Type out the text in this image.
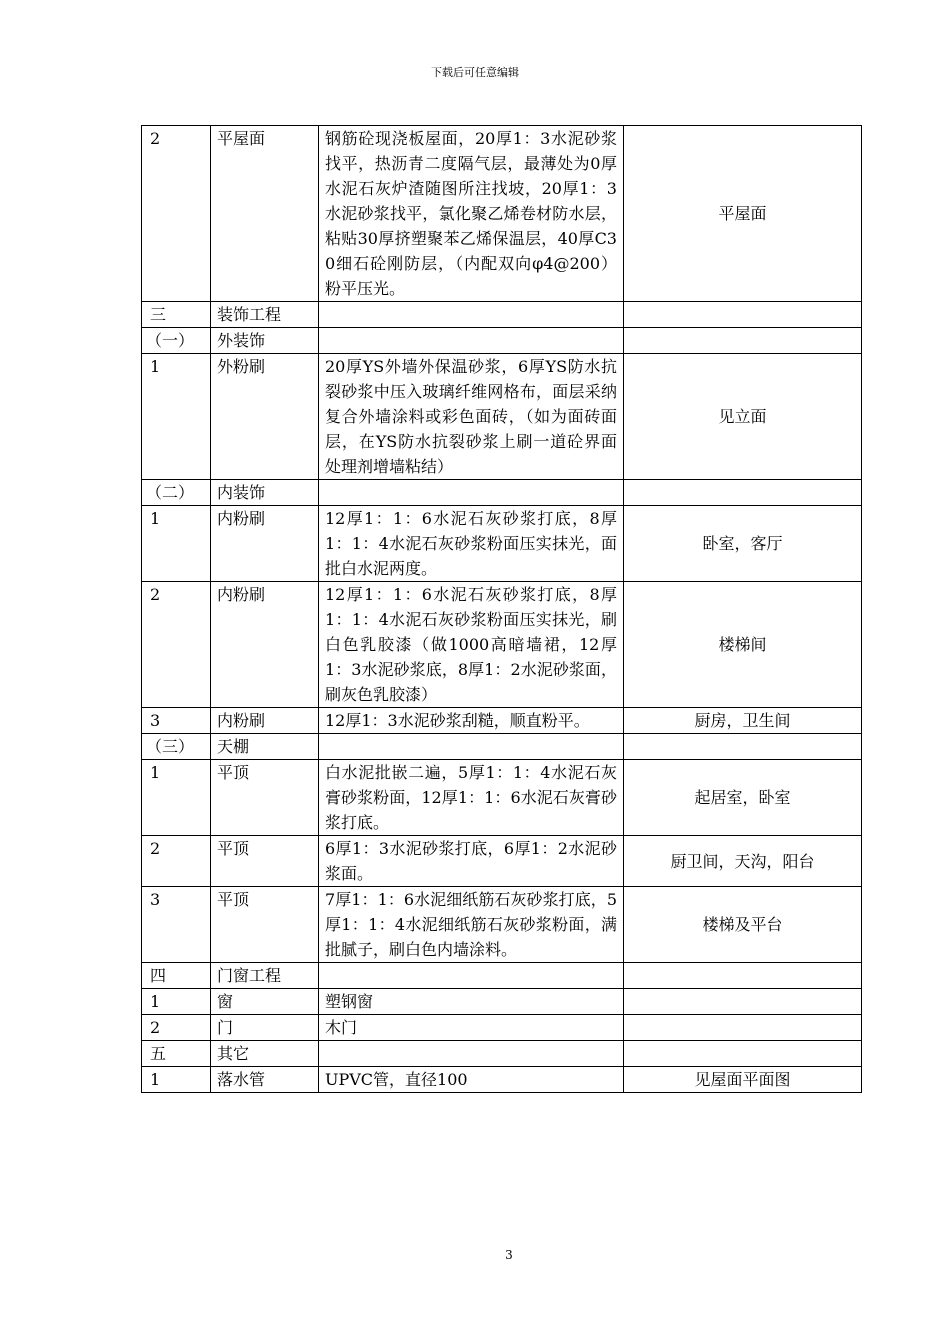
下载后可任意编辑
2	平屋面	钢筋砼现浇板屋面，20厚1：3水泥砂浆找平，热沥青二度隔气层，最薄处为0厚水泥石灰炉渣随图所注找坡，20厚1：3水泥砂浆找平，氯化聚乙烯卷材防水层，粘贴30厚挤塑聚苯乙烯保温层，40厚C30细石砼刚防层，（内配双向φ4@200）粉平压光。	平屋面
三	装饰工程		
（一）	外装饰		
1	外粉刷	20厚YS外墙外保温砂浆，6厚YS防水抗裂砂浆中压入玻璃纤维网格布，面层采纳复合外墙涂料或彩色面砖，（如为面砖面层，在YS防水抗裂砂浆上刷一道砼界面处理剂增墙粘结）	见立面
（二）	内装饰		
1	内粉刷	12厚1：1：6水泥石灰砂浆打底，8厚1：1：4水泥石灰砂浆粉面压实抹光，面批白水泥两度。	卧室，客厅
2	内粉刷	12厚1：1：6水泥石灰砂浆打底，8厚1：1：4水泥石灰砂浆粉面压实抹光，刷白色乳胶漆（做1000高暗墙裙，12厚1：3水泥砂浆底，8厚1：2水泥砂浆面，刷灰色乳胶漆）	楼梯间
3	内粉刷	12厚1：3水泥砂浆刮糙，顺直粉平。	厨房，卫生间
（三）	天棚		
1	平顶	白水泥批嵌二遍，5厚1：1：4水泥石灰膏砂浆粉面，12厚1：1：6水泥石灰膏砂浆打底。	起居室，卧室
2	平顶	6厚1：3水泥砂浆打底，6厚1：2水泥砂浆面。	厨卫间，天沟，阳台
3	平顶	7厚1：1：6水泥细纸筋石灰砂浆打底，5厚1：1：4水泥细纸筋石灰砂浆粉面，满批腻子，刷白色内墙涂料。	楼梯及平台
四	门窗工程		
1	窗	塑钢窗	
2	门	木门	
五	其它		
1	落水管	UPVC管，直径100	见屋面平面图
3
